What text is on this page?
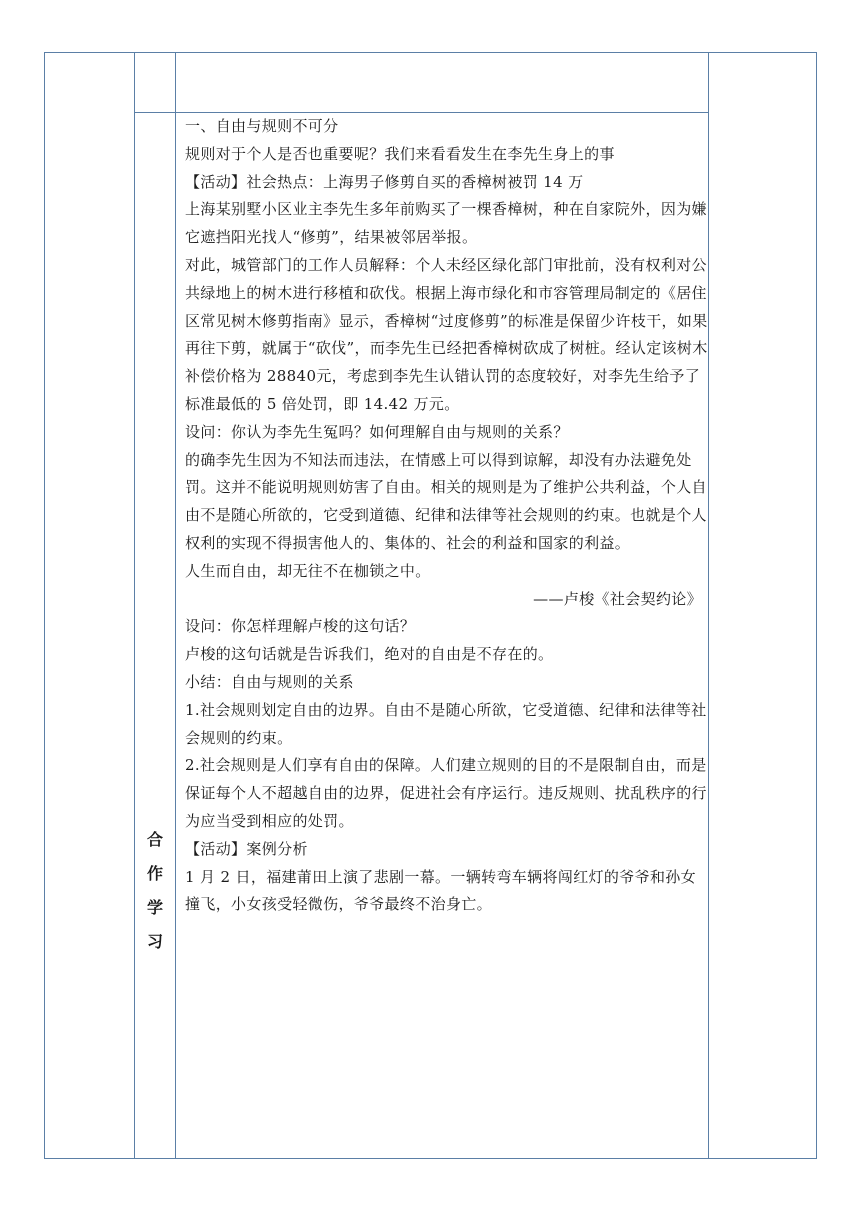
合
作
学
习

一、自由与规则不可分

规则对于个人是否也重要呢？我们来看看发生在李先生身上的事

【活动】社会热点：上海男子修剪自买的香樟树被罚 14 万

上海某别墅小区业主李先生多年前购买了一棵香樟树，种在自家院外，因为嫌它遮挡阳光找人“修剪”，结果被邻居举报。

对此，城管部门的工作人员解释：个人未经区绿化部门审批前，没有权利对公共绿地上的树木进行移植和砍伐。根据上海市绿化和市容管理局制定的《居住区常见树木修剪指南》显示，香樟树“过度修剪”的标准是保留少许枝干，如果再往下剪，就属于“砍伐”，而李先生已经把香樟树砍成了树桩。经认定该树木补偿价格为 28840元，考虑到李先生认错认罚的态度较好，对李先生给予了标准最低的 5 倍处罚，即 14.42 万元。

设问：你认为李先生冤吗？如何理解自由与规则的关系？

的确李先生因为不知法而违法，在情感上可以得到谅解，却没有办法避免处罚。这并不能说明规则妨害了自由。相关的规则是为了维护公共利益，个人自由不是随心所欲的，它受到道德、纪律和法律等社会规则的约束。也就是个人权利的实现不得损害他人的、集体的、社会的利益和国家的利益。

人生而自由，却无往不在枷锁之中。

——卢梭《社会契约论》

设问：你怎样理解卢梭的这句话？

卢梭的这句话就是告诉我们，绝对的自由是不存在的。

小结：自由与规则的关系

1.社会规则划定自由的边界。自由不是随心所欲，它受道德、纪律和法律等社会规则的约束。

2.社会规则是人们享有自由的保障。人们建立规则的目的不是限制自由，而是保证每个人不超越自由的边界，促进社会有序运行。违反规则、扰乱秩序的行为应当受到相应的处罚。

【活动】案例分析

1 月 2 日，福建莆田上演了悲剧一幕。一辆转弯车辆将闯红灯的爷爷和孙女撞飞，小女孩受轻微伤，爷爷最终不治身亡。
